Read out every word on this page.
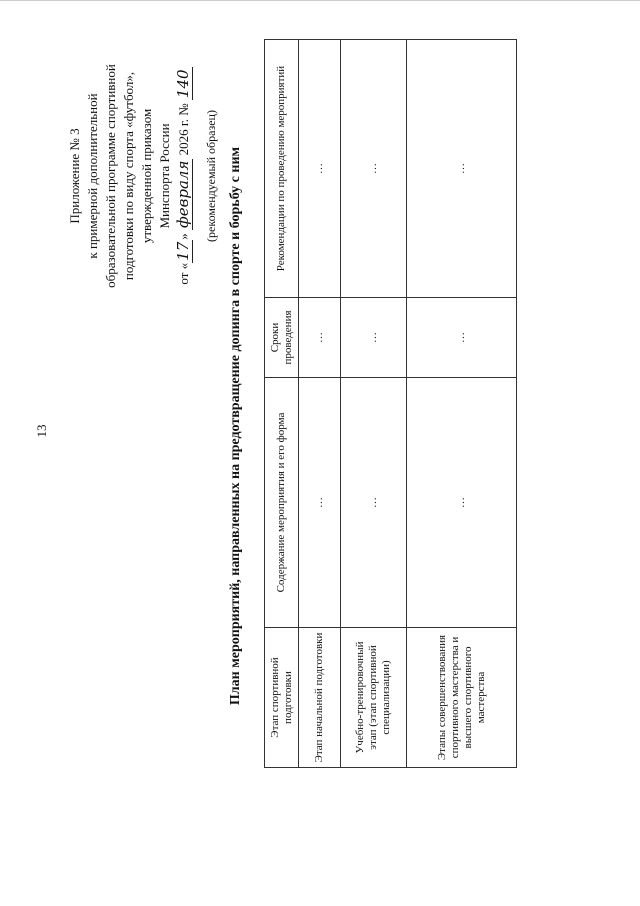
13
Приложение № 3 к примерной дополнительной образовательной программе спортивной подготовки по виду спорта «футбол», утвержденной приказом Минспорта России
от «17» февраля 2026 г. № 140
(рекомендуемый образец) План мероприятий, направленных на предотвращение допинга в спорте и борьбу с ним Этап спортивной подготовки	Содержание мероприятия и его форма	Сроки проведения	Рекомендации по проведению мероприятий
Этап начальной подготовки	…	…	…
Учебно-тренировочный этап (этап спортивной специализации)	…	…	…
Этапы совершенствования спортивного мастерства и высшего спортивного мастерства	…	…	…
